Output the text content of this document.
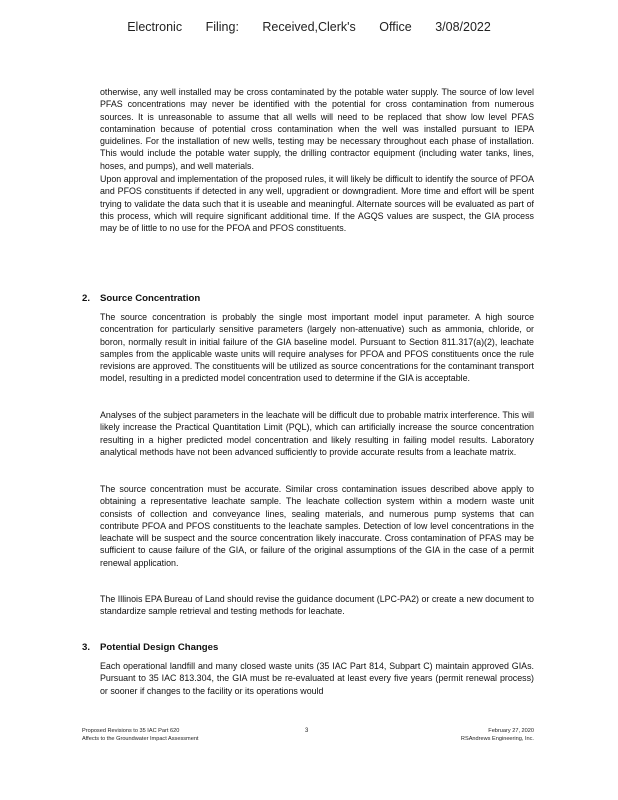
Electronic Filing: Received,Clerk's Office 3/08/2022

otherwise, any well installed may be cross contaminated by the potable water supply. The source of low level PFAS concentrations may never be identified with the potential for cross contamination from numerous sources. It is unreasonable to assume that all wells will need to be replaced that show low level PFAS contamination because of potential cross contamination when the well was installed pursuant to IEPA guidelines. For the installation of new wells, testing may be necessary throughout each phase of installation. This would include the potable water supply, the drilling contractor equipment (including water tanks, lines, hoses, and pumps), and well materials.

Upon approval and implementation of the proposed rules, it will likely be difficult to identify the source of PFOA and PFOS constituents if detected in any well, upgradient or downgradient. More time and effort will be spent trying to validate the data such that it is useable and meaningful. Alternate sources will be evaluated as part of this process, which will require significant additional time. If the AGQS values are suspect, the GIA process may be of little to no use for the PFOA and PFOS constituents.

2. Source Concentration

The source concentration is probably the single most important model input parameter. A high source concentration for particularly sensitive parameters (largely non-attenuative) such as ammonia, chloride, or boron, normally result in initial failure of the GIA baseline model. Pursuant to Section 811.317(a)(2), leachate samples from the applicable waste units will require analyses for PFOA and PFOS constituents once the rule revisions are approved. The constituents will be utilized as source concentrations for the contaminant transport model, resulting in a predicted model concentration used to determine if the GIA is acceptable.

Analyses of the subject parameters in the leachate will be difficult due to probable matrix interference. This will likely increase the Practical Quantitation Limit (PQL), which can artificially increase the source concentration resulting in a higher predicted model concentration and likely resulting in failing model results. Laboratory analytical methods have not been advanced sufficiently to provide accurate results from a leachate matrix.

The source concentration must be accurate. Similar cross contamination issues described above apply to obtaining a representative leachate sample. The leachate collection system within a modern waste unit consists of collection and conveyance lines, sealing materials, and numerous pump systems that can contribute PFOA and PFOS constituents to the leachate samples. Detection of low level concentrations in the leachate will be suspect and the source concentration likely inaccurate. Cross contamination of PFAS may be sufficient to cause failure of the GIA, or failure of the original assumptions of the GIA in the case of a permit renewal application.

The Illinois EPA Bureau of Land should revise the guidance document (LPC-PA2) or create a new document to standardize sample retrieval and testing methods for leachate.

3. Potential Design Changes

Each operational landfill and many closed waste units (35 IAC Part 814, Subpart C) maintain approved GIAs. Pursuant to 35 IAC 813.304, the GIA must be re-evaluated at least every five years (permit renewal process) or sooner if changes to the facility or its operations would

Proposed Revisions to 35 IAC Part 620
Affects to the Groundwater Impact Assessment
3	February 27, 2020
RSAndrews Engineering, Inc.
